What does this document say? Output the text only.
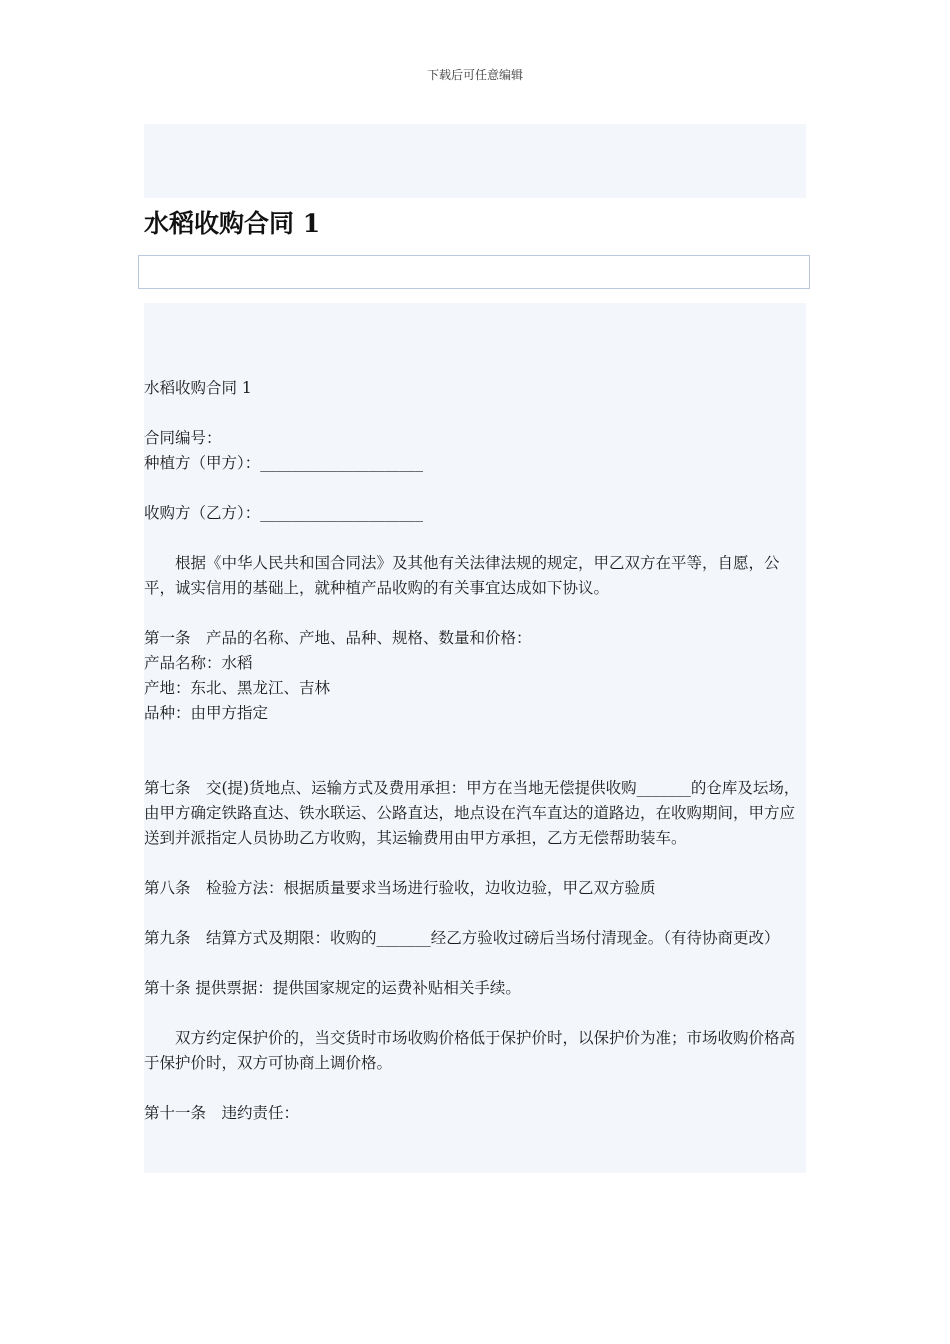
下载后可任意编辑
水稻收购合同 1

水稻收购合同 1

合同编号：

种植方（甲方）：_____________________

收购方（乙方）：_____________________

根据《中华人民共和国合同法》及其他有关法律法规的规定，甲乙双方在平等，自愿，公平，诚实信用的基础上，就种植产品收购的有关事宜达成如下协议。

第一条　产品的名称、产地、品种、规格、数量和价格：

产品名称：水稻

产地：东北、黑龙江、吉林

品种：由甲方指定

第七条　交(提)货地点、运输方式及费用承担：甲方在当地无偿提供收购_______的仓库及坛场，由甲方确定铁路直达、铁水联运、公路直达，地点设在汽车直达的道路边，在收购期间，甲方应送到并派指定人员协助乙方收购，其运输费用由甲方承担，乙方无偿帮助装车。

第八条　检验方法：根据质量要求当场进行验收，边收边验，甲乙双方验质

第九条　结算方式及期限：收购的_______经乙方验收过磅后当场付清现金。（有待协商更改）

第十条 提供票据：提供国家规定的运费补贴相关手续。

双方约定保护价的，当交货时市场收购价格低于保护价时，以保护价为准；市场收购价格高于保护价时，双方可协商上调价格。

第十一条　违约责任：
